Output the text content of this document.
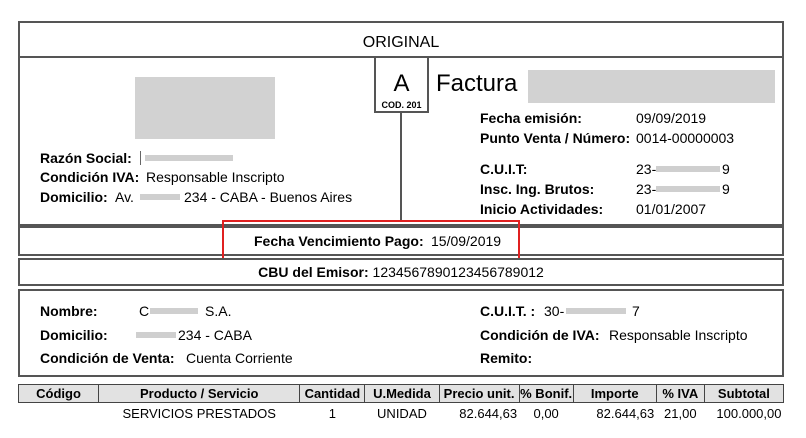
ORIGINAL
A
COD. 201
Factura
Razón Social:
Condición IVA: Responsable Inscripto
Domicilio: Av.	234 - CABA - Buenos Aires
Fecha emisión:	09/09/2019
Punto Venta / Número: 0014-00000003
C.U.I.T:	23-	9
Insc. Ing. Brutos:	23-	9
Inicio Actividades: 01/01/2007
Fecha Vencimiento Pago: 15/09/2019
CBU del Emisor: 1234567890123456789012
Nombre:	C	S.A.
Domicilio:	234 - CABA
Condición de Venta: Cuenta Corriente
C.U.I.T. : 30-	7
Condición de IVA: Responsable Inscripto
Remito:
Código	Producto / Servicio	Cantidad	U.Medida	Precio unit.	% Bonif.	Importe	% IVA	Subtotal
	SERVICIOS PRESTADOS	1	UNIDAD	82.644,63	0,00	82.644,63	21,00	100.000,00
